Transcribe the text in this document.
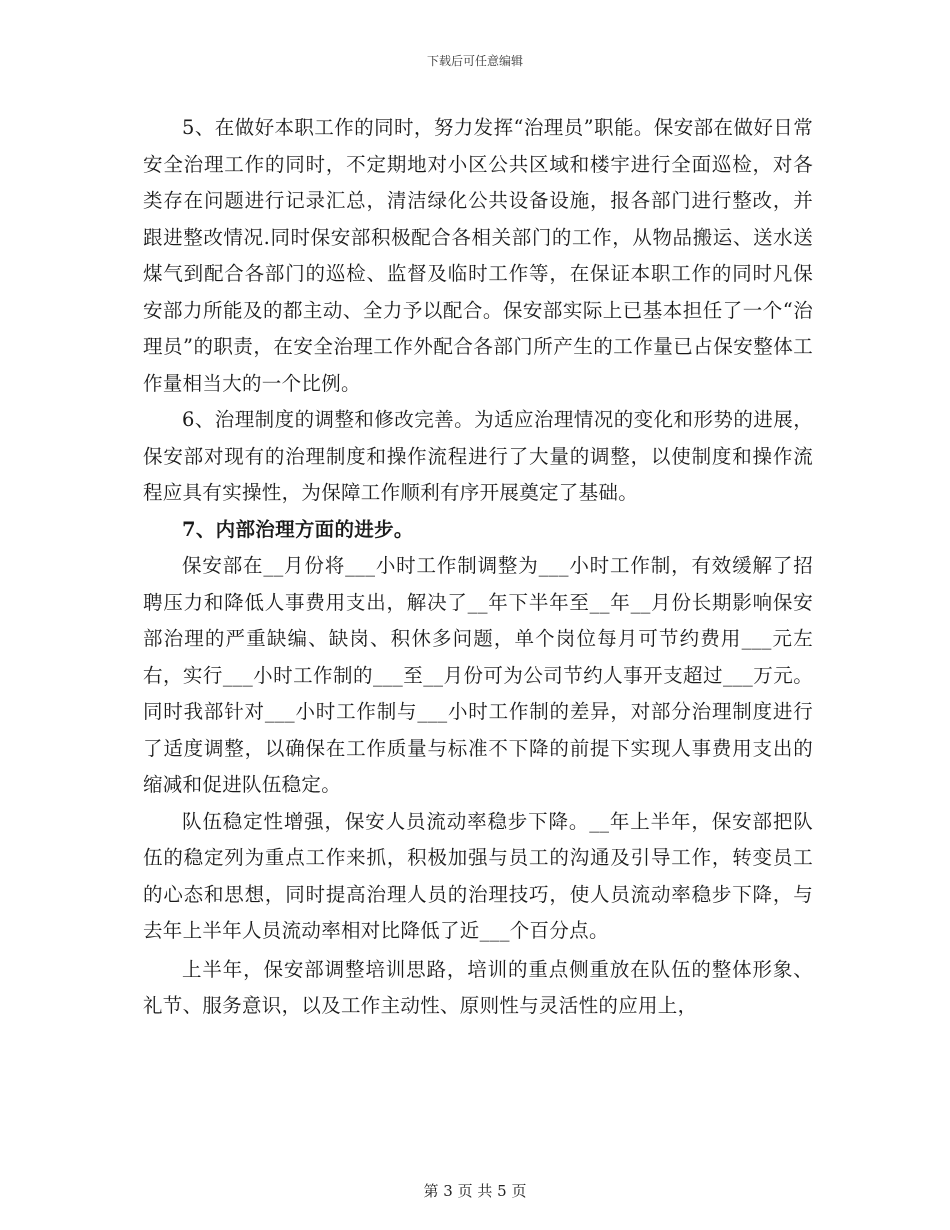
下载后可任意编辑

5、在做好本职工作的同时，努力发挥“治理员”职能。保安部在做好日常安全治理工作的同时，不定期地对小区公共区域和楼宇进行全面巡检，对各类存在问题进行记录汇总，清洁绿化公共设备设施，报各部门进行整改，并跟进整改情况.同时保安部积极配合各相关部门的工作，从物品搬运、送水送煤气到配合各部门的巡检、监督及临时工作等，在保证本职工作的同时凡保安部力所能及的都主动、全力予以配合。保安部实际上已基本担任了一个“治理员”的职责，在安全治理工作外配合各部门所产生的工作量已占保安整体工作量相当大的一个比例。

6、治理制度的调整和修改完善。为适应治理情况的变化和形势的进展，保安部对现有的治理制度和操作流程进行了大量的调整，以使制度和操作流程应具有实操性，为保障工作顺利有序开展奠定了基础。

7、内部治理方面的进步。

保安部在__月份将___小时工作制调整为___小时工作制，有效缓解了招聘压力和降低人事费用支出，解决了__年下半年至__年__月份长期影响保安部治理的严重缺编、缺岗、积休多问题，单个岗位每月可节约费用___元左右，实行___小时工作制的___至__月份可为公司节约人事开支超过___万元。同时我部针对___小时工作制与___小时工作制的差异，对部分治理制度进行了适度调整，以确保在工作质量与标准不下降的前提下实现人事费用支出的缩减和促进队伍稳定。

队伍稳定性增强，保安人员流动率稳步下降。__年上半年，保安部把队伍的稳定列为重点工作来抓，积极加强与员工的沟通及引导工作，转变员工的心态和思想，同时提高治理人员的治理技巧，使人员流动率稳步下降，与去年上半年人员流动率相对比降低了近___个百分点。

上半年，保安部调整培训思路，培训的重点侧重放在队伍的整体形象、礼节、服务意识，以及工作主动性、原则性与灵活性的应用上，

第 3 页 共 5 页
